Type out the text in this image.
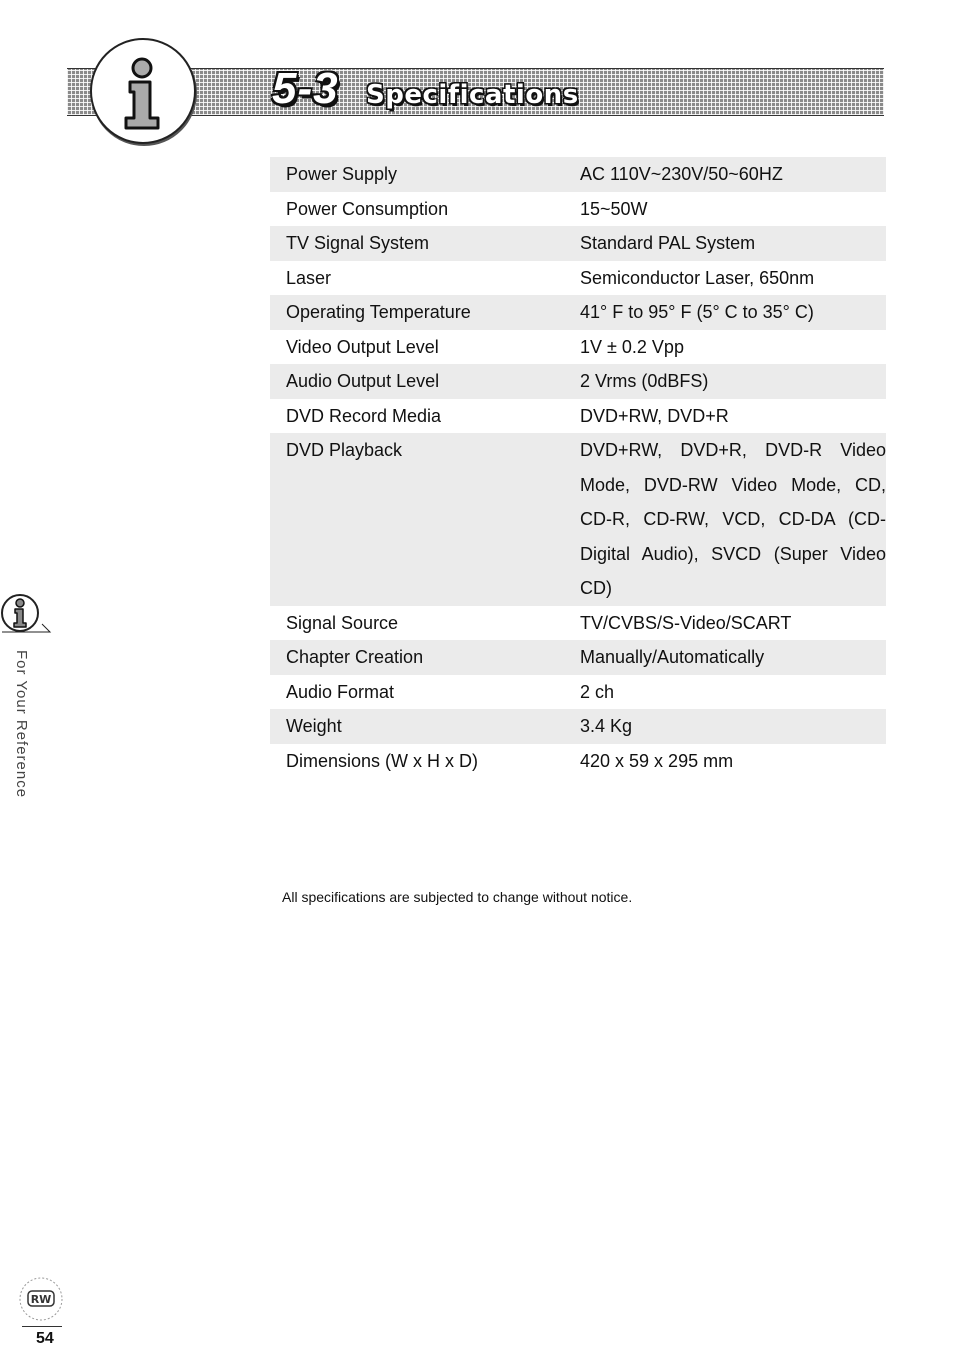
5-3 Specifications
Power Supply	AC 110V~230V/50~60HZ
Power Consumption	15~50W
TV Signal System	Standard PAL System
Laser	Semiconductor Laser, 650nm
Operating Temperature	41° F to 95° F (5° C to 35° C)
Video Output Level	1V ± 0.2 Vpp
Audio Output Level	2 Vrms (0dBFS)
DVD Record Media	DVD+RW, DVD+R
DVD Playback	DVD+RW, DVD+R, DVD-R Video Mode, DVD-RW Video Mode, CD, CD-R, CD-RW, VCD, CD-DA (CD-Digital Audio), SVCD (Super Video CD)
Signal Source	TV/CVBS/S-Video/SCART
Chapter Creation	Manually/Automatically
Audio Format	2 ch
Weight	3.4 Kg
Dimensions (W x H x D)	420 x 59 x 295 mm
All specifications are subjected to change without notice.
For Your Reference
RW
54
